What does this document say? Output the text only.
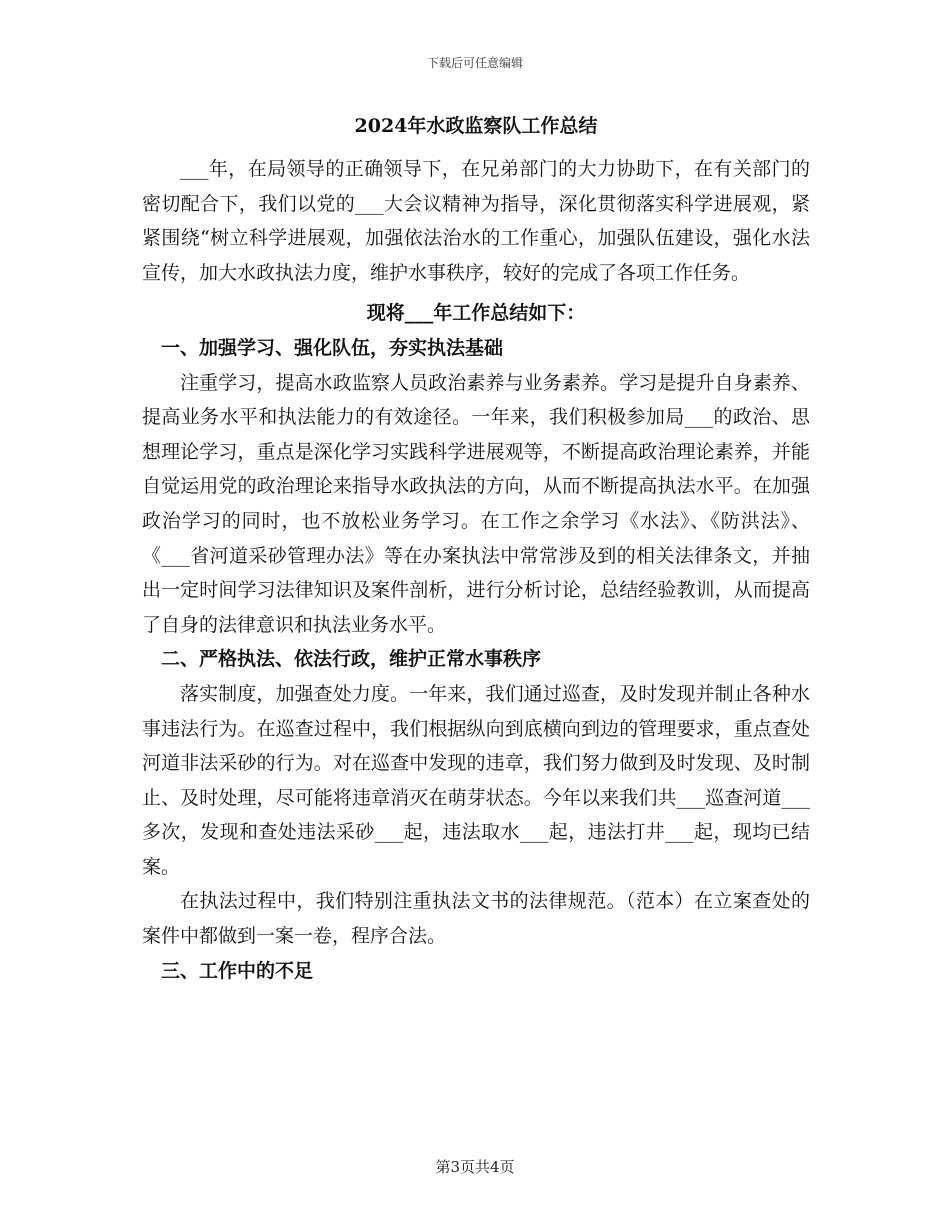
下载后可任意编辑
2024年水政监察队工作总结

___年，在局领导的正确领导下，在兄弟部门的大力协助下，在有关部门的密切配合下，我们以党的___大会议精神为指导，深化贯彻落实科学进展观，紧紧围绕“树立科学进展观，加强依法治水的工作重心，加强队伍建设，强化水法宣传，加大水政执法力度，维护水事秩序，较好的完成了各项工作任务。

现将___年工作总结如下：

一、加强学习、强化队伍，夯实执法基础

注重学习，提高水政监察人员政治素养与业务素养。学习是提升自身素养、提高业务水平和执法能力的有效途径。一年来，我们积极参加局___的政治、思想理论学习，重点是深化学习实践科学进展观等，不断提高政治理论素养，并能自觉运用党的政治理论来指导水政执法的方向，从而不断提高执法水平。在加强政治学习的同时，也不放松业务学习。在工作之余学习《水法》、《防洪法》、《___省河道采砂管理办法》等在办案执法中常常涉及到的相关法律条文，并抽出一定时间学习法律知识及案件剖析，进行分析讨论，总结经验教训，从而提高了自身的法律意识和执法业务水平。

二、严格执法、依法行政，维护正常水事秩序

落实制度，加强查处力度。一年来，我们通过巡查，及时发现并制止各种水事违法行为。在巡查过程中，我们根据纵向到底横向到边的管理要求，重点查处河道非法采砂的行为。对在巡查中发现的违章，我们努力做到及时发现、及时制止、及时处理，尽可能将违章消灭在萌芽状态。今年以来我们共___巡查河道___多次，发现和查处违法采砂___起，违法取水___起，违法打井___起，现均已结案。

在执法过程中，我们特别注重执法文书的法律规范。（范本）在立案查处的案件中都做到一案一卷，程序合法。

三、工作中的不足

第3页共4页
